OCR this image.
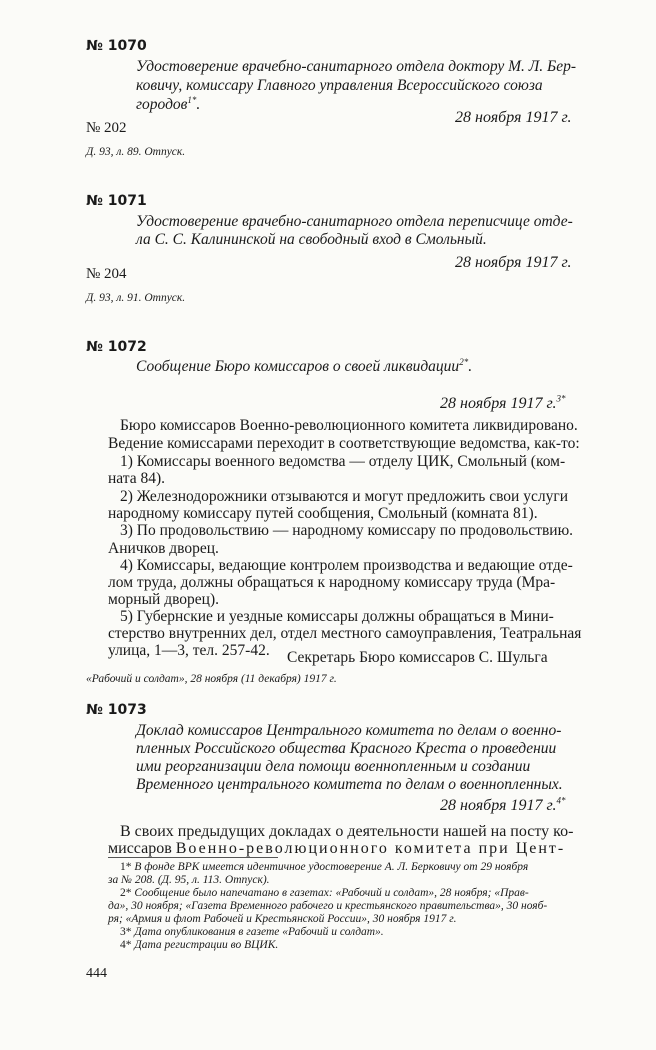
№ 1070
Удостоверение врачебно-санитарного отдела доктору М. Л. Бер-
ковичу, комиссару Главного управления Всероссийского союза
городов$^{1*}$.
28 ноября 1917 г.
№ 202
Д. 93, л. 89. Отпуск.
№ 1071
Удостоверение врачебно-санитарного отдела переписчице отде-
ла С. С. Калининской на свободный вход в Смольный.
28 ноября 1917 г.
№ 204
Д. 93, л. 91. Отпуск.
№ 1072
Сообщение Бюро комиссаров о своей ликвидации$^{2*}$.
28 ноября 1917 г.$^{3*}$
Бюро комиссаров Военно-революционного комитета ликвидировано.
Ведение комиссарами переходит в соответствующие ведомства, как-то:
1) Комиссары военного ведомства — отделу ЦИК, Смольный (ком-
ната 84).
2) Железнодорожники отзываются и могут предложить свои услуги
народному комиссару путей сообщения, Смольный (комната 81).
3) По продовольствию — народному комиссару по продовольствию.
Аничков дворец.
4) Комиссары, ведающие контролем производства и ведающие отде-
лом труда, должны обращаться к народному комиссару труда (Мра-
морный дворец).
5) Губернские и уездные комиссары должны обращаться в Мини-
стерство внутренних дел, отдел местного самоуправления, Театральная
улица, 1—3, тел. 257-42. Секретарь Бюро комиссаров С. Шульга
«Рабочий и солдат», 28 ноября (11 декабря) 1917 г.
№ 1073
Доклад комиссаров Центрального комитета по делам о военно-
пленных Российского общества Красного Креста о проведении
ими реорганизации дела помощи военнопленным и создании
Временного центрального комитета по делам о военнопленных.
28 ноября 1917 г.$^{4*}$
В своих предыдущих докладах о деятельности нашей на посту ко-
миссаров Военно-революционного комитета при Цент-
1* В фонде ВРК имеется идентичное удостоверение А. Л. Берковичу от 29 ноября
за № 208. (Д. 95, л. 113. Отпуск).
2* Сообщение было напечатано в газетах: «Рабочий и солдат», 28 ноября; «Прав-
да», 30 ноября; «Газета Временного рабочего и крестьянского правительства», 30 нояб-
ря; «Армия и флот Рабочей и Крестьянской России», 30 ноября 1917 г.
3* Дата опубликования в газете «Рабочий и солдат».
4* Дата регистрации во ВЦИК.
444
